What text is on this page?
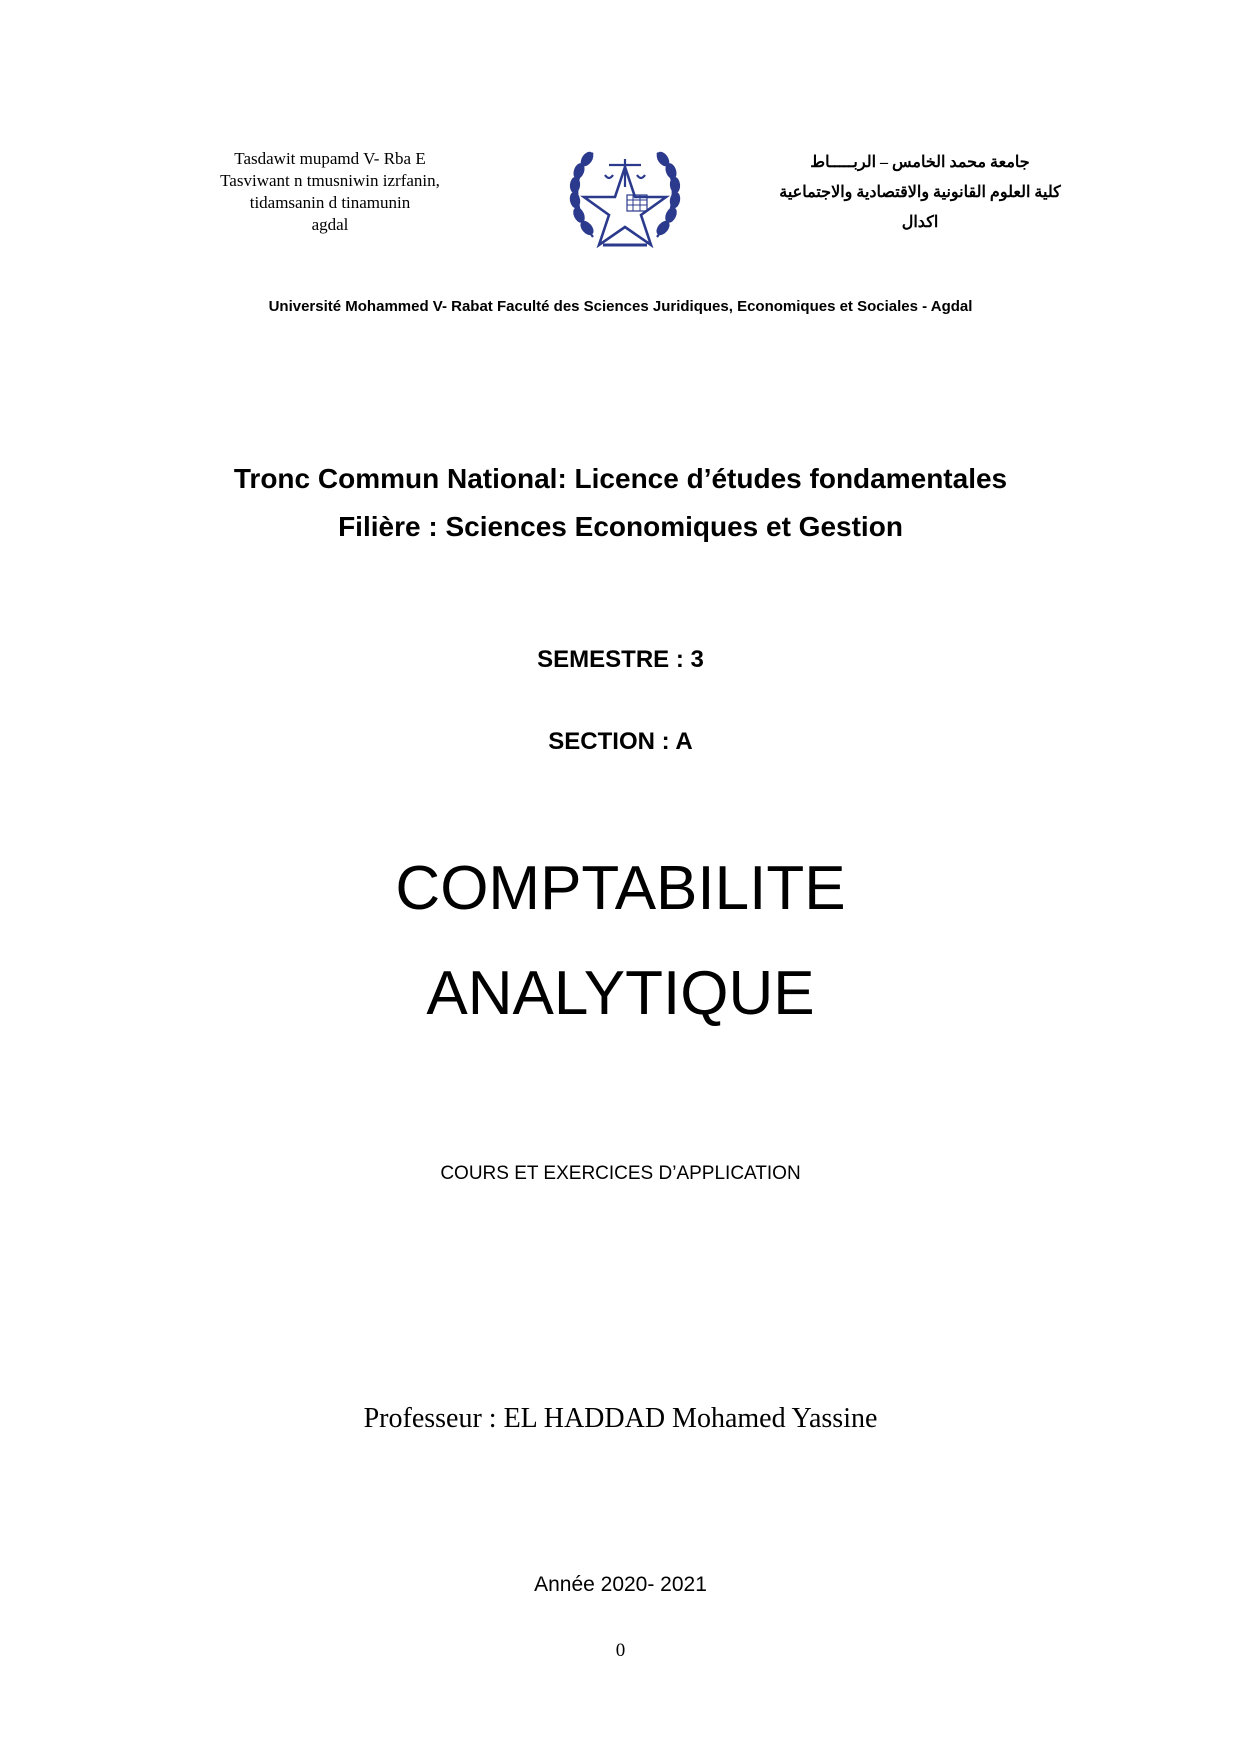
Tasdawit mupamd V- Rba E
Tasviwant n tmusniwin izrfanin,
tidamsanin d tinamunin
agdal
جامعة محمد الخامس – الربـــــاط
كلية العلوم القانونية والاقتصادية والاجتماعية
اكدال
Université Mohammed V- Rabat Faculté des Sciences Juridiques, Economiques et Sociales - Agdal
Tronc Commun National: Licence d’études fondamentales
Filière : Sciences Economiques et Gestion
SEMESTRE : 3
SECTION : A
COMPTABILITE
ANALYTIQUE
COURS ET EXERCICES D’APPLICATION
Professeur : EL HADDAD Mohamed Yassine
Année 2020- 2021
0
